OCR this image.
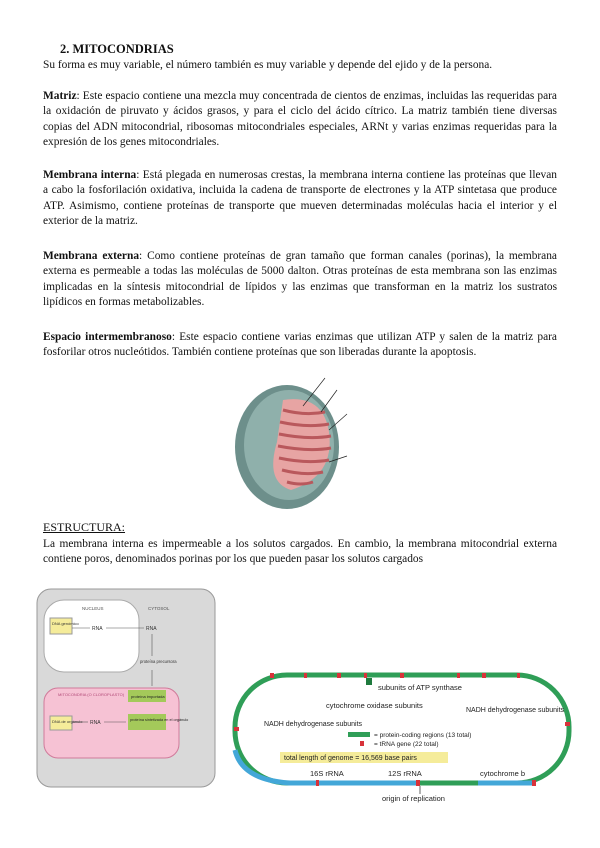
2. MITOCONDRIAS

Su forma es muy variable, el número también es muy variable y depende del ejido y de la persona.

Matriz: Este espacio contiene una mezcla muy concentrada de cientos de enzimas, incluidas las requeridas para la oxidación de piruvato y ácidos grasos, y para el ciclo del ácido cítrico. La matriz también tiene diversas copias del ADN mitocondrial, ribosomas mitocondriales especiales, ARNt y varias enzimas requeridas para la expresión de los genes mitocondriales.

Membrana interna: Está plegada en numerosas crestas, la membrana interna contiene las proteínas que llevan a cabo la fosforilación oxidativa, incluida la cadena de transporte de electrones y la ATP sintetasa que produce ATP. Asimismo, contiene proteínas de transporte que mueven determinadas moléculas hacia el interior y el exterior de la matriz.

Membrana externa: Como contiene proteínas de gran tamaño que forman canales (porinas), la membrana externa es permeable a todas las moléculas de 5000 dalton. Otras proteínas de esta membrana son las enzimas implicadas en la síntesis mitocondrial de lípidos y las enzimas que transforman en la matriz los sustratos lipídicos en formas metabolizables.

Espacio intermembranoso: Este espacio contiene varias enzimas que utilizan ATP y salen de la matriz para fosforilar otros nucleótidos. También contiene proteínas que son liberadas durante la apoptosis.

ESTRUCTURA:

La membrana interna es impermeable a los solutos cargados. En cambio, la membrana mitocondrial externa contiene poros, denominados porinas por los que pueden pasar los solutos cargados

NUCLEUS	CYTOSOL
DNA genómico
RNA	RNA
proteína precursora
MITOCONDRIA (O CLOROPLASTO) proteína importada
DNA de orgánulo RNA	proteína sintetizada en el orgánulo
subunits of ATP synthase
cytochrome oxidase subunits
NADH dehydrogenase subunits
NADH dehydrogenase subunits
= protein-coding regions (13 total)
= tRNA gene (22 total)
total length of genome = 16,569 base pairs
16S rRNA	12S rRNA	cytochrome b
origin of replication
